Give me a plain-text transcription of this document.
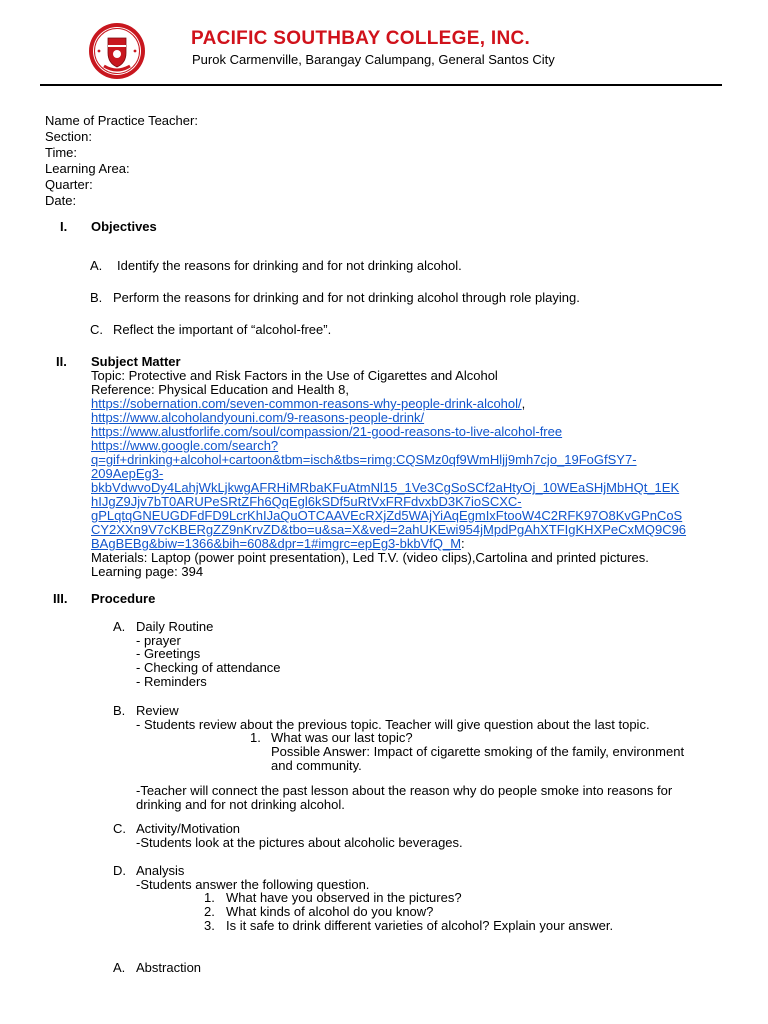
PACIFIC SOUTHBAY COLLEGE, INC.
Purok Carmenville, Barangay Calumpang, General Santos City
Name of Practice Teacher:
Section:
Time:
Learning Area:
Quarter:
Date:
I. Objectives
A. Identify the reasons for drinking and for not drinking alcohol.
B. Perform the reasons for drinking and for not drinking alcohol through role playing.
C. Reflect the important of “alcohol-free”.
II. Subject Matter
Topic: Protective and Risk Factors in the Use of Cigarettes and Alcohol
Reference: Physical Education and Health 8,
https://sobernation.com/seven-common-reasons-why-people-drink-alcohol/,
https://www.alcoholandyouni.com/9-reasons-people-drink/
https://www.alustforlife.com/soul/compassion/21-good-reasons-to-live-alcohol-free
https://www.google.com/search?
q=gif+drinking+alcohol+cartoon&tbm=isch&tbs=rimg:CQSMz0qf9WmHljj9mh7cjo_19FoGfSY7-
209AepEg3-
bkbVdwvoDy4LahjWkLjkwgAFRHiMRbaKFuAtmNl15_1Ve3CgSoSCf2aHtyOj_10WEaSHjMbHQt_1EK
hIJgZ9Jjv7bT0ARUPeSRtZFh6QqEgl6kSDf5uRtVxFRFdvxbD3K7ioSCXC-
gPLqtqGNEUGDFdFD9LcrKhIJaQuOTCAAVEcRXjZd5WAjYiAqEgmIxFtooW4C2RFK97O8KvGPnCoS
CY2XXn9V7cKBERgZZ9nKrvZD&tbo=u&sa=X&ved=2ahUKEwi954jMpdPgAhXTFIgKHXPeCxMQ9C96
BAgBEBg&biw=1366&bih=608&dpr=1#imgrc=epEg3-bkbVfQ_M:
Materials: Laptop (power point presentation), Led T.V. (video clips),Cartolina and printed pictures.
Learning page: 394
III. Procedure
A. Daily Routine
- prayer
- Greetings
- Checking of attendance
- Reminders
B. Review
- Students review about the previous topic. Teacher will give question about the last topic.
1. What was our last topic?
Possible Answer: Impact of cigarette smoking of the family, environment
and community.
-Teacher will connect the past lesson about the reason why do people smoke into reasons for
drinking and for not drinking alcohol.
C. Activity/Motivation
-Students look at the pictures about alcoholic beverages.
D. Analysis
-Students answer the following question.
1. What have you observed in the pictures?
2. What kinds of alcohol do you know?
3. Is it safe to drink different varieties of alcohol? Explain your answer.
A. Abstraction
